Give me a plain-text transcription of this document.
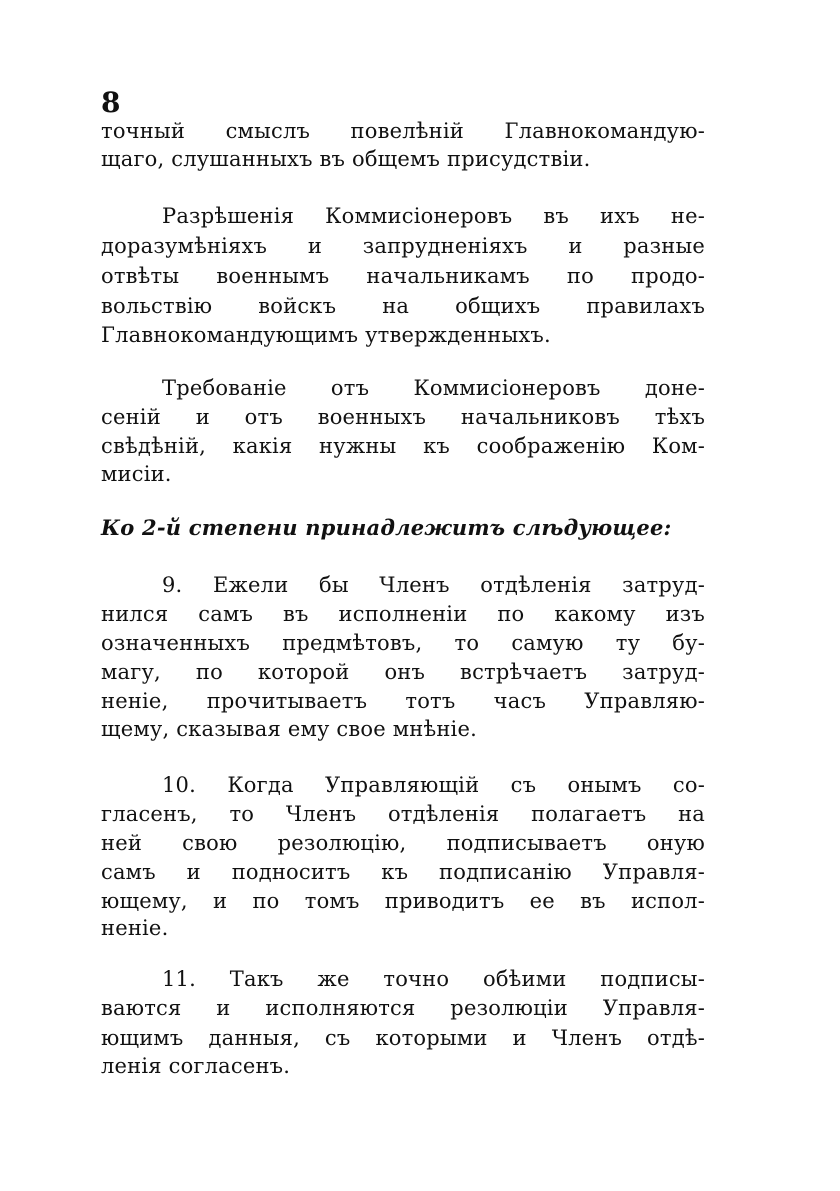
8
точный смыслъ повелѣній Главнокомандую-
щаго, слушанныхъ въ общемъ присудствіи.
Разрѣшенія Коммисіонеровъ въ ихъ не-
доразумѣніяхъ и запрудненіяхъ и разные
отвѣты военнымъ начальникамъ по продо-
вольствію войскъ на общихъ правилахъ
Главнокомандующимъ утвержденныхъ.
Требованіе отъ Коммисіонеровъ доне-
сеній и отъ военныхъ начальниковъ тѣхъ
свѣдѣній, какія нужны къ соображенію Ком-
мисіи.
Ко 2-й степени принадлежитъ слѣдующее:
9. Ежели бы Членъ отдѣленія затруд-
нился самъ въ исполненіи по какому изъ
означенныхъ предмѣтовъ, то самую ту бу-
магу, по которой онъ встрѣчаетъ затруд-
неніе, прочитываетъ тотъ часъ Управляю-
щему, сказывая ему свое мнѣніе.
10. Когда Управляющій съ онымъ со-
гласенъ, то Членъ отдѣленія полагаетъ на
ней свою резолюцію, подписываетъ оную
самъ и подноситъ къ подписанію Управля-
ющему, и по томъ приводитъ ее въ испол-
неніе.
11. Такъ же точно обѣими подписы-
ваются и исполняются резолюціи Управля-
ющимъ данныя, съ которыми и Членъ отдѣ-
ленія согласенъ.
